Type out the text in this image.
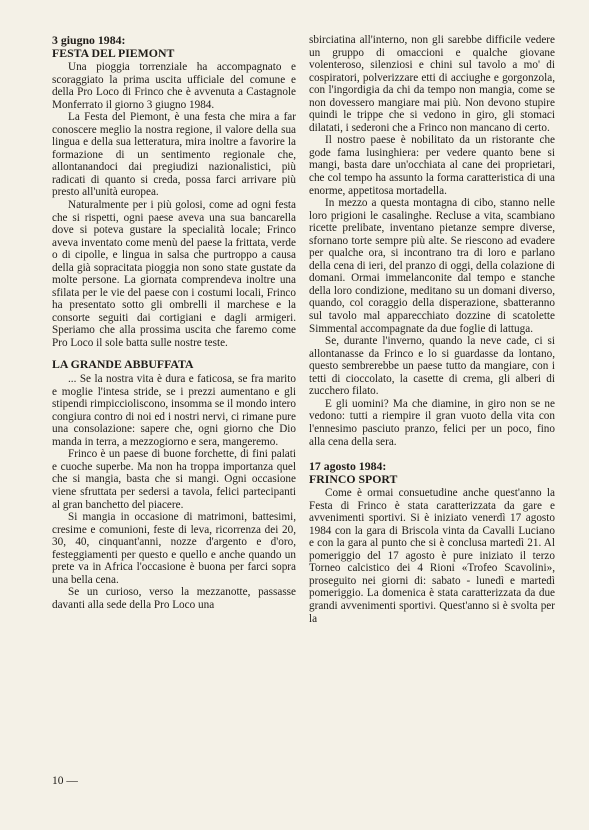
3 giugno 1984:
FESTA DEL PIEMONT

Una pioggia torrenziale ha accompagnato e scoraggiato la prima uscita ufficiale del comune e della Pro Loco di Frinco che è avvenuta a Castagnole Monferrato il giorno 3 giugno 1984.

La Festa del Piemont, è una festa che mira a far conoscere meglio la nostra regione, il valore della sua lingua e della sua letteratura, mira inoltre a favorire la formazione di un sentimento regionale che, allontanandoci dai pregiudizi nazionalistici, più radicati di quanto si creda, possa farci arrivare più presto all'unità europea.

Naturalmente per i più golosi, come ad ogni festa che si rispetti, ogni paese aveva una sua bancarella dove si poteva gustare la specialità locale; Frinco aveva inventato come menù del paese la frittata, verde o di cipolle, e lingua in salsa che purtroppo a causa della già sopracitata pioggia non sono state gustate da molte persone. La giornata comprendeva inoltre una sfilata per le vie del paese con i costumi locali, Frinco ha presentato sotto gli ombrelli il marchese e la consorte seguiti dai cortigiani e dagli armigeri. Speriamo che alla prossima uscita che faremo come Pro Loco il sole batta sulle nostre teste.

LA GRANDE ABBUFFATA

... Se la nostra vita è dura e faticosa, se fra marito e moglie l'intesa stride, se i prezzi aumentano e gli stipendi rimpiccioliscono, insomma se il mondo intero congiura contro di noi ed i nostri nervi, ci rimane pure una consolazione: sapere che, ogni giorno che Dio manda in terra, a mezzogiorno e sera, mangeremo.

Frinco è un paese di buone forchette, di fini palati e cuoche superbe. Ma non ha troppa importanza quel che si mangia, basta che si mangi. Ogni occasione viene sfruttata per sedersi a tavola, felici partecipanti al gran banchetto del piacere.

Si mangia in occasione di matrimoni, battesimi, cresime e comunioni, feste di leva, ricorrenza dei 20, 30, 40, cinquant'anni, nozze d'argento e d'oro, festeggiamenti per questo e quello e anche quando un prete va in Africa l'occasione è buona per farci sopra una bella cena.

Se un curioso, verso la mezzanotte, passasse davanti alla sede della Pro Loco una

sbirciatina all'interno, non gli sarebbe difficile vedere un gruppo di omaccioni e qualche giovane volenteroso, silenziosi e chini sul tavolo a mo' di cospiratori, polverizzare etti di acciughe e gorgonzola, con l'ingordigia da chi da tempo non mangia, come se non dovessero mangiare mai più. Non devono stupire quindi le trippe che si vedono in giro, gli stomaci dilatati, i sederoni che a Frinco non mancano di certo.

Il nostro paese è nobilitato da un ristorante che gode fama lusinghiera: per vedere quanto bene si mangi, basta dare un'occhiata al cane dei proprietari, che col tempo ha assunto la forma caratteristica di una enorme, appetitosa mortadella.

In mezzo a questa montagna di cibo, stanno nelle loro prigioni le casalinghe. Recluse a vita, scambiano ricette prelibate, inventano pietanze sempre diverse, sfornano torte sempre più alte. Se riescono ad evadere per qualche ora, si incontrano tra di loro e parlano della cena di ieri, del pranzo di oggi, della colazione di domani. Ormai immelanconite dal tempo e stanche della loro condizione, meditano su un domani diverso, quando, col coraggio della disperazione, sbatteranno sul tavolo mal apparecchiato dozzine di scatolette Simmental accompagnate da due foglie di lattuga.

Se, durante l'inverno, quando la neve cade, ci si allontanasse da Frinco e lo si guardasse da lontano, questo sembrerebbe un paese tutto da mangiare, con i tetti di cioccolato, la casette di crema, gli alberi di zucchero filato.

E gli uomini? Ma che diamine, in giro non se ne vedono: tutti a riempire il gran vuoto della vita con l'ennesimo pasciuto pranzo, felici per un poco, fino alla cena della sera.

17 agosto 1984:
FRINCO SPORT

Come è ormai consuetudine anche quest'anno la Festa di Frinco è stata caratterizzata da gare e avvenimenti sportivi. Si è iniziato venerdì 17 agosto 1984 con la gara di Briscola vinta da Cavalli Luciano e con la gara al punto che si è conclusa martedì 21. Al pomeriggio del 17 agosto è pure iniziato il terzo Torneo calcistico dei 4 Rioni «Trofeo Scavolini», proseguito nei giorni di: sabato - lunedì e martedì pomeriggio. La domenica è stata caratterizzata da due grandi avvenimenti sportivi. Quest'anno si è svolta per la

10 —
